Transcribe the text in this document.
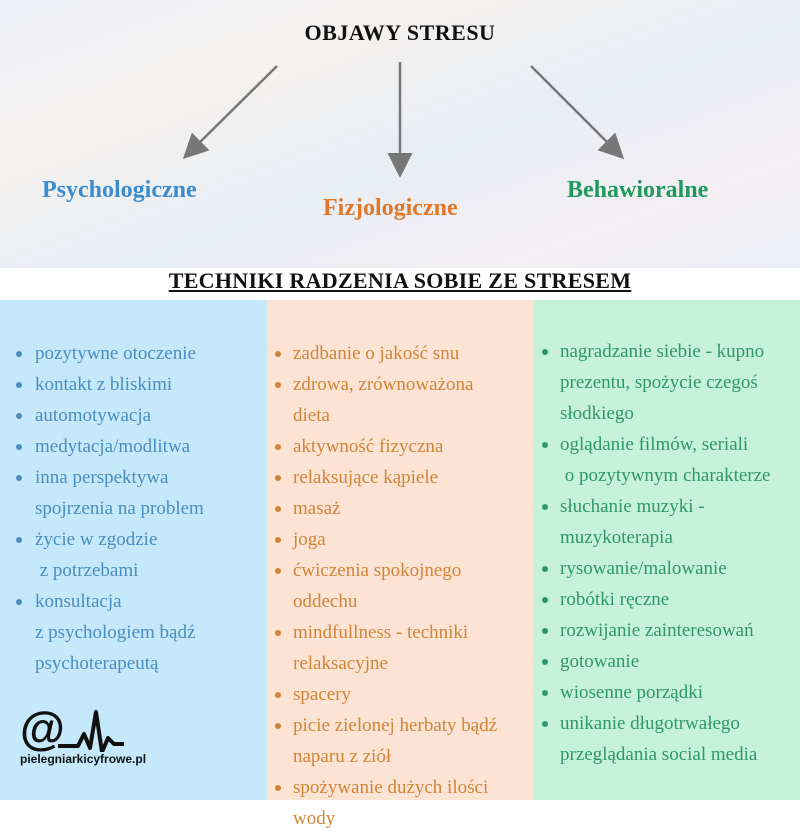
OBJAWY STRESU
Psychologiczne
Fizjologiczne
Behawioralne
TECHNIKI RADZENIA SOBIE ZE STRESEM
pozytywne otoczenie
kontakt z bliskimi
automotywacja
medytacja/modlitwa
inna perspektywa
spojrzenia na problem
życie w zgodzie
z potrzebami
konsultacja
z psychologiem bądź
psychoterapeutą
zadbanie o jakość snu
zdrowa, zrównoważona
dieta
aktywność fizyczna
relaksujące kąpiele
masaż
joga
ćwiczenia spokojnego
oddechu
mindfullness - techniki
relaksacyjne
spacery
picie zielonej herbaty bądź
naparu z ziół
spożywanie dużych ilości
wody
nagradzanie siebie - kupno
prezentu, spożycie czegoś
słodkiego
oglądanie filmów, seriali
o pozytywnym charakterze
słuchanie muzyki -
muzykoterapia
rysowanie/malowanie
robótki ręczne
rozwijanie zainteresowań
gotowanie
wiosenne porządki
unikanie długotrwałego
przeglądania social media
@
pielegniarkicyfrowe.pl
